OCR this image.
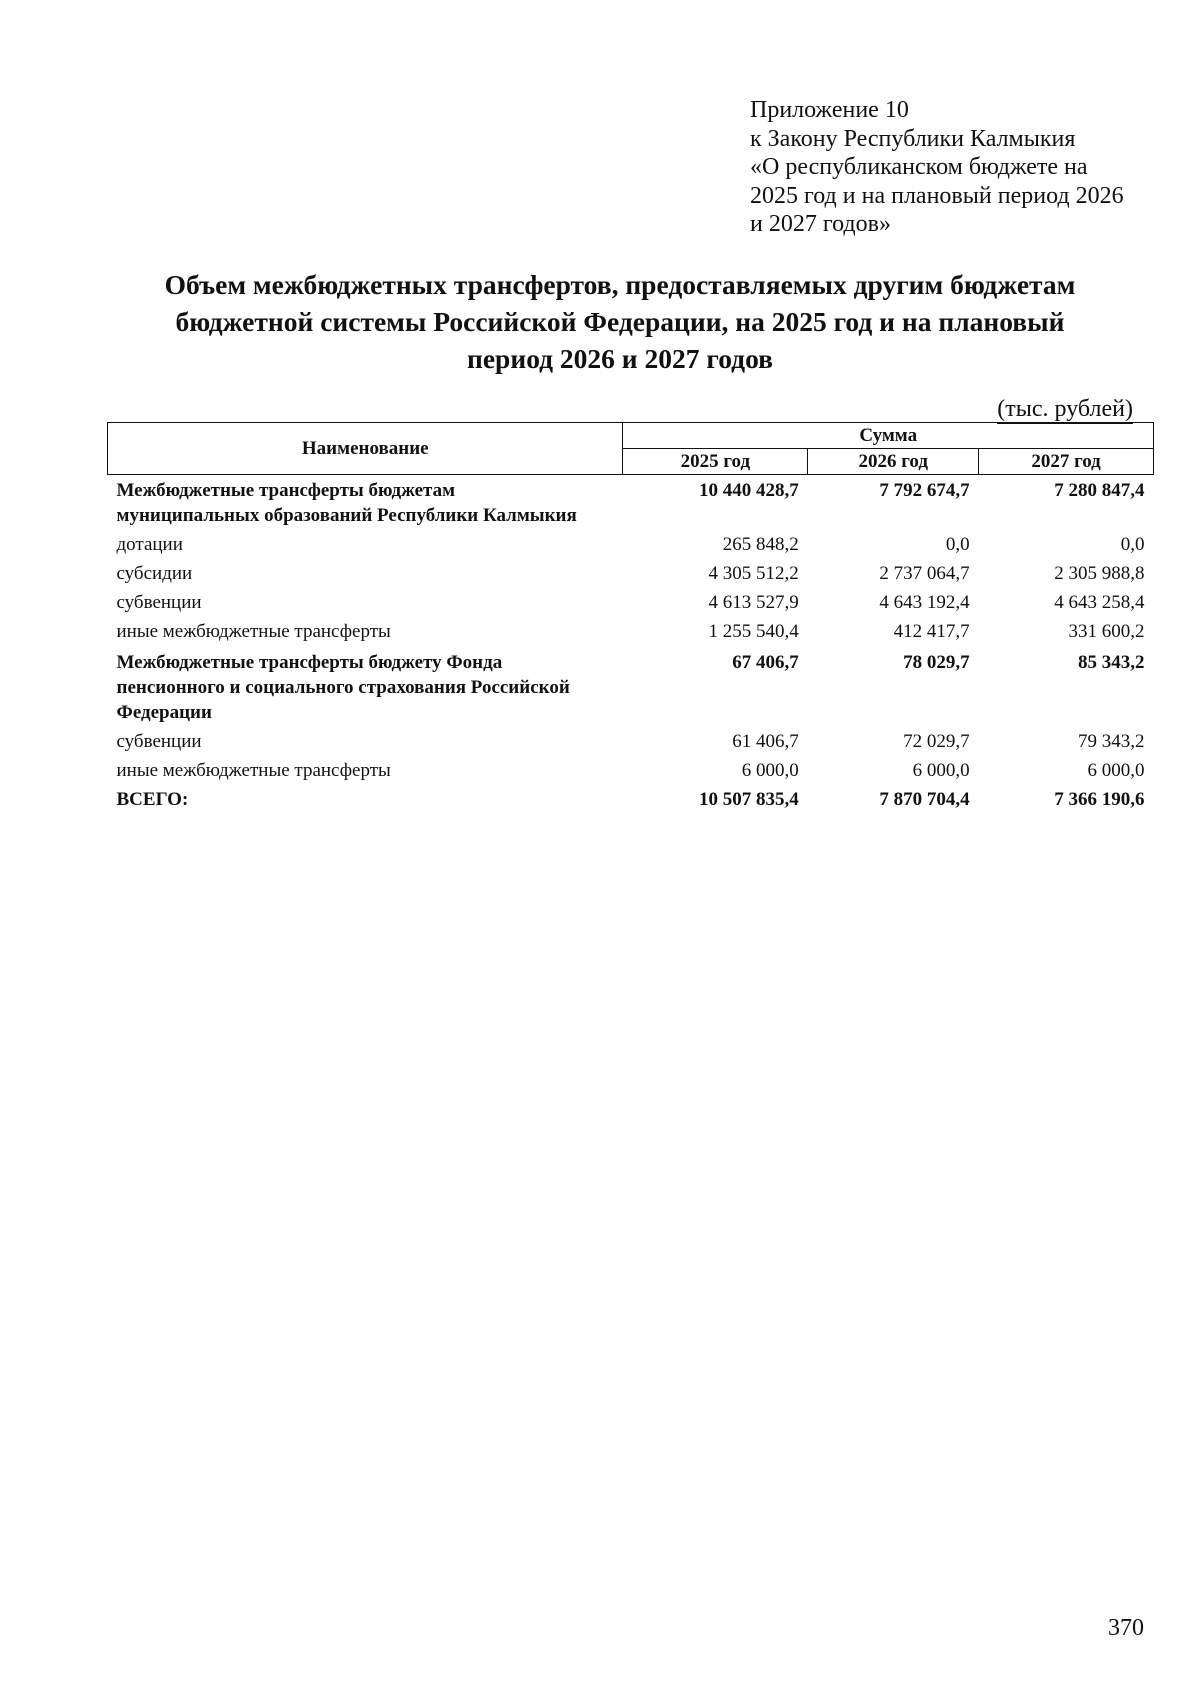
Приложение 10
к Закону Республики Калмыкия
«О республиканском бюджете на
2025 год и на плановый период 2026
и 2027 годов»
Объем межбюджетных трансфертов, предоставляемых другим бюджетам
бюджетной системы Российской Федерации, на 2025 год и на плановый
период 2026 и 2027 годов
(тыс. рублей)
Наименование	Сумма		
	2025 год	2026 год	2027 год

Межбюджетные трансферты бюджетам
муниципальных образований Республики Калмыкия	10 440 428,7	7 792 674,7	7 280 847,4
дотации	265 848,2	0,0	0,0
субсидии	4 305 512,2	2 737 064,7	2 305 988,8
субвенции	4 613 527,9	4 643 192,4	4 643 258,4
иные межбюджетные трансферты	1 255 540,4	412 417,7	331 600,2

Межбюджетные трансферты бюджету Фонда
пенсионного и социального страхования Российской
Федерации	67 406,7	78 029,7	85 343,2
субвенции	61 406,7	72 029,7	79 343,2
иные межбюджетные трансферты	6 000,0	6 000,0	6 000,0
ВСЕГО:	10 507 835,4	7 870 704,4	7 366 190,6
370
